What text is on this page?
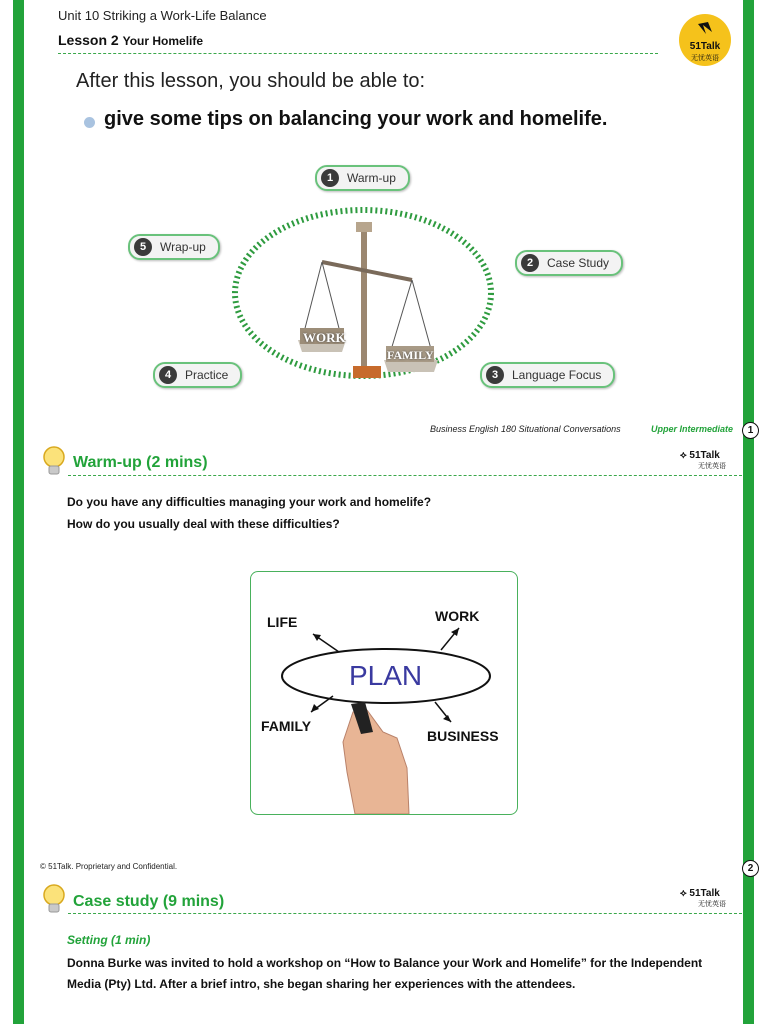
Unit 10 Striking a Work-Life Balance
Lesson 2 Your Homelife	51Talk
无忧英语
After this lesson, you should be able to:
give some tips on balancing your work and homelife.
WORK
FAMILY
1	Warm-up
2	Case Study
3	Language Focus
4	Practice
5	Wrap-up
Business English 180 Situational Conversations	Upper Intermediate	1
Warm-up (2 mins)	⟡ 51Talk
无忧英语
Do you have any difficulties managing your work and homelife?
How do you usually deal with these difficulties?
PLAN
LIFE	WORK
FAMILY
BUSINESS
© 51Talk. Proprietary and Confidential.	2
Case study (9 mins)	⟡ 51Talk
无忧英语
Setting (1 min)
Donna Burke was invited to hold a workshop on “How to Balance your Work and Homelife” for the Independent Media (Pty) Ltd. After a brief intro, she began sharing her experiences with the attendees.
